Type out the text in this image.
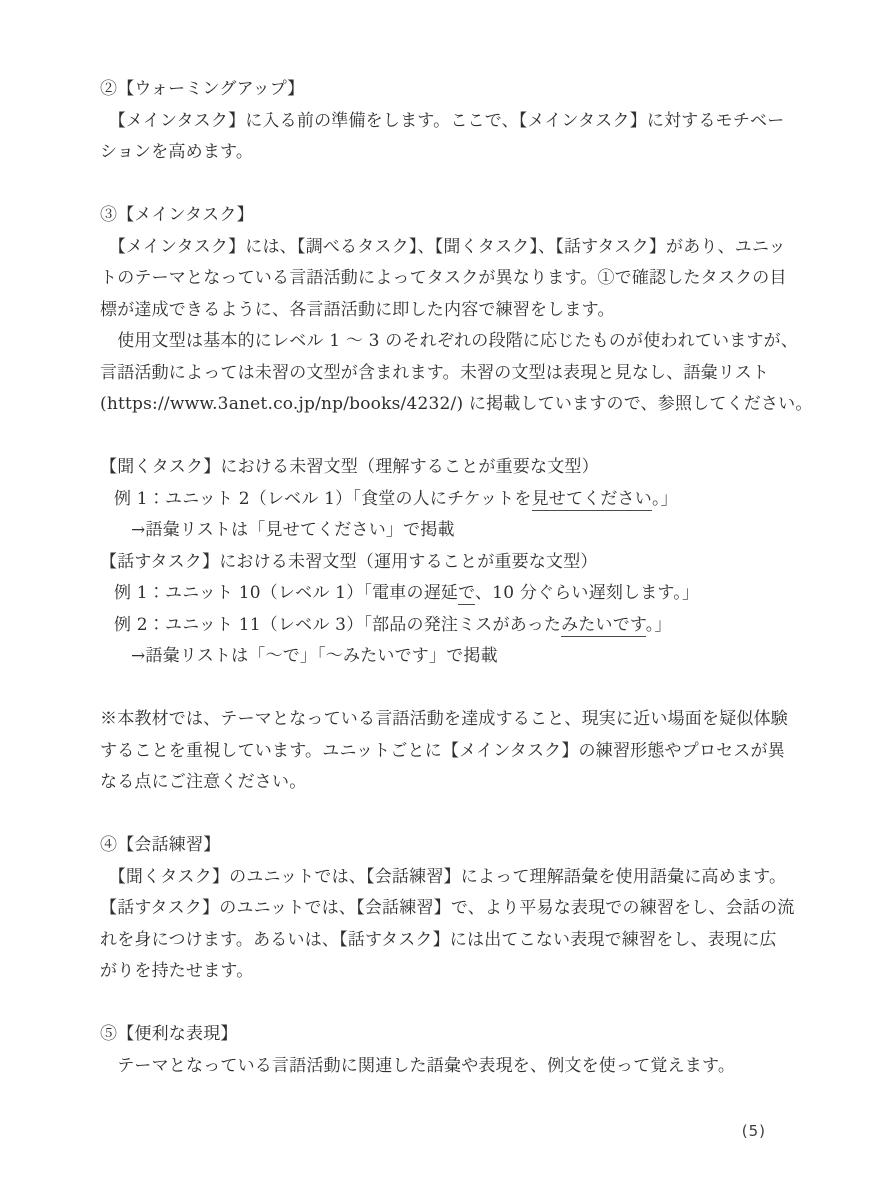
②【ウォーミングアップ】

　【メインタスク】に入る前の準備をします。ここで、【メインタスク】に対するモチベー

ションを高めます。

③【メインタスク】

　【メインタスク】には、【調べるタスク】、【聞くタスク】、【話すタスク】があり、ユニッ

トのテーマとなっている言語活動によってタスクが異なります。①で確認したタスクの目

標が達成できるように、各言語活動に即した内容で練習をします。

　使用文型は基本的にレベル 1 ～ 3 のそれぞれの段階に応じたものが使われていますが、

言語活動によっては未習の文型が含まれます。未習の文型は表現と見なし、語彙リスト

(https://www.3anet.co.jp/np/books/4232/) に掲載していますので、参照してください。

【聞くタスク】における未習文型（理解することが重要な文型）

例 1：ユニット 2（レベル 1）「食堂の人にチケットを見せてください。」

→語彙リストは「見せてください」で掲載

【話すタスク】における未習文型（運用することが重要な文型）

例 1：ユニット 10（レベル 1）「電車の遅延で、10 分ぐらい遅刻します。」

例 2：ユニット 11（レベル 3）「部品の発注ミスがあったみたいです。」

→語彙リストは「～で」「～みたいです」で掲載

※本教材では、テーマとなっている言語活動を達成すること、現実に近い場面を疑似体験

することを重視しています。ユニットごとに【メインタスク】の練習形態やプロセスが異

なる点にご注意ください。

④【会話練習】

　【聞くタスク】のユニットでは、【会話練習】によって理解語彙を使用語彙に高めます。

【話すタスク】のユニットでは、【会話練習】で、より平易な表現での練習をし、会話の流

れを身につけます。あるいは、【話すタスク】には出てこない表現で練習をし、表現に広

がりを持たせます。

⑤【便利な表現】

　テーマとなっている言語活動に関連した語彙や表現を、例文を使って覚えます。

(5)
